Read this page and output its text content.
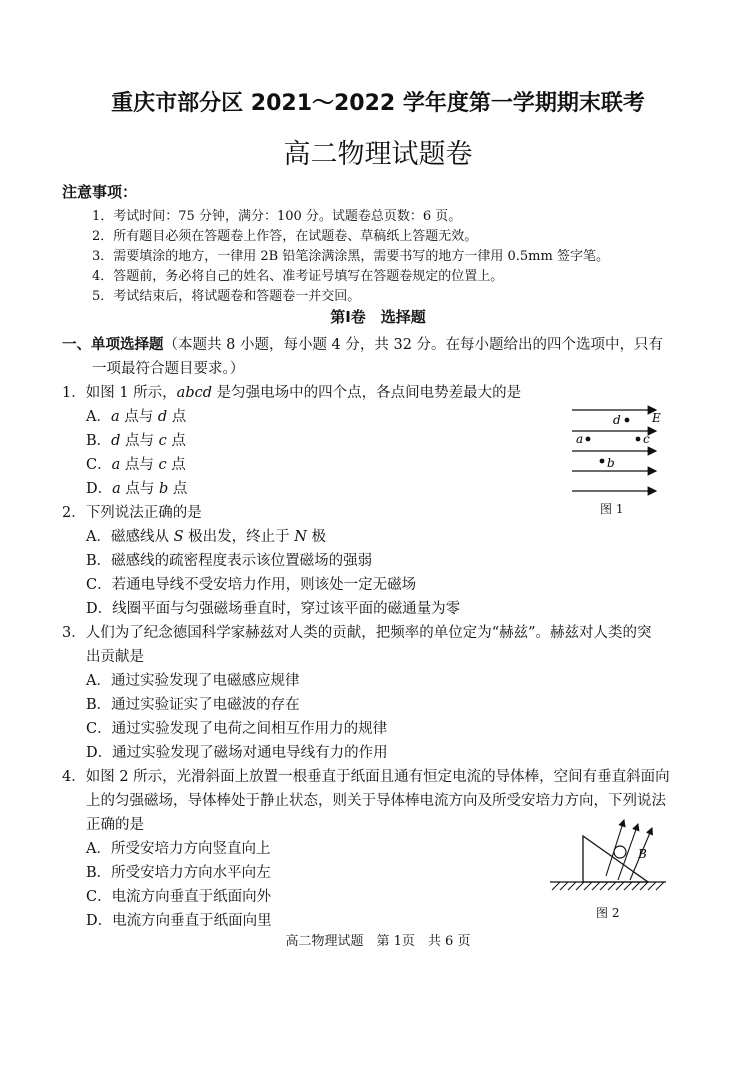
重庆市部分区 2021～2022 学年度第一学期期末联考
高二物理试题卷
注意事项：
1．考试时间：75 分钟，满分：100 分。试题卷总页数：6 页。
2．所有题目必须在答题卷上作答，在试题卷、草稿纸上答题无效。
3．需要填涂的地方，一律用 2B 铅笔涂满涂黑，需要书写的地方一律用 0.5mm 签字笔。
4．答题前，务必将自己的姓名、准考证号填写在答题卷规定的位置上。
5．考试结束后，将试题卷和答题卷一并交回。
第Ⅰ卷　选择题
一、单项选择题（本题共 8 小题，每小题 4 分，共 32 分。在每小题给出的四个选项中，只有
一项最符合题目要求。）
1．如图 1 所示，abcd 是匀强电场中的四个点，各点间电势差最大的是
A．a 点与 d 点
B．d 点与 c 点
C．a 点与 c 点
D．a 点与 b 点
d	E
a	c
b
图 1
2．下列说法正确的是
A．磁感线从 S 极出发，终止于 N 极
B．磁感线的疏密程度表示该位置磁场的强弱
C．若通电导线不受安培力作用，则该处一定无磁场
D．线圈平面与匀强磁场垂直时，穿过该平面的磁通量为零
3．人们为了纪念德国科学家赫兹对人类的贡献，把频率的单位定为“赫兹”。赫兹对人类的突
出贡献是
A．通过实验发现了电磁感应规律
B．通过实验证实了电磁波的存在
C．通过实验发现了电荷之间相互作用力的规律
D．通过实验发现了磁场对通电导线有力的作用
4．如图 2 所示，光滑斜面上放置一根垂直于纸面且通有恒定电流的导体棒，空间有垂直斜面向
上的匀强磁场，导体棒处于静止状态，则关于导体棒电流方向及所受安培力方向，下列说法
正确的是
A．所受安培力方向竖直向上
B．所受安培力方向水平向左
C．电流方向垂直于纸面向外
D．电流方向垂直于纸面向里
B
图 2
高二物理试题　第 1页　共 6 页
